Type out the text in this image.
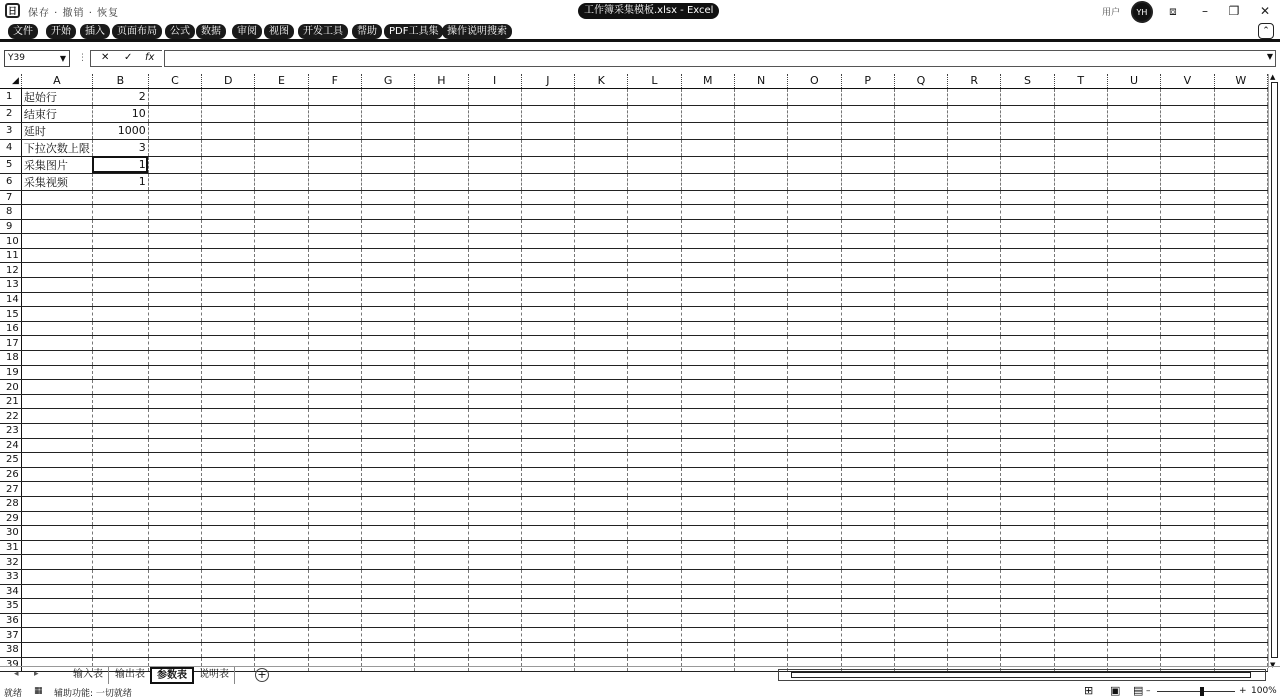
日	保存 · 撤销 · 恢复	工作簿采集模板.xlsx - Excel	用户	YH	⧈	–	❐	✕
文件	开始	插入	页面布局	公式	数据	审阅	视图	开发工具	帮助	PDF工具集 操作说明搜索	⌃
Y39	▼ ⋮ ✕ ✓ fx	▼
◢	A	B	C	D	E	F	G	H	I	J	K	L	M	N	O	P	Q	R	S	T	U	V	W
1	起始行	2																					
2	结束行	10																					
3	延时	1000																					
4	下拉次数上限	3																					
5	采集图片	1																					
6	采集视频	1																					
7																							
8																							
9																							
10																							
11																							
12																							
13																							
14																							
15																							
16																							
17																							
18																							
19																							
20																							
21																							
22																							
23																							
24																							
25																							
26																							
27																							
28																							
29																							
30																							
31																							
32																							
33																							
34																							
35																							
36																							
37																							
38																							
39																							
▲
▼
◂ ▸	输入表	输出表	参数表	说明表	+
就绪 ▦ 辅助功能: 一切就绪	⊞ ▣ ▤ –	+ 100%
